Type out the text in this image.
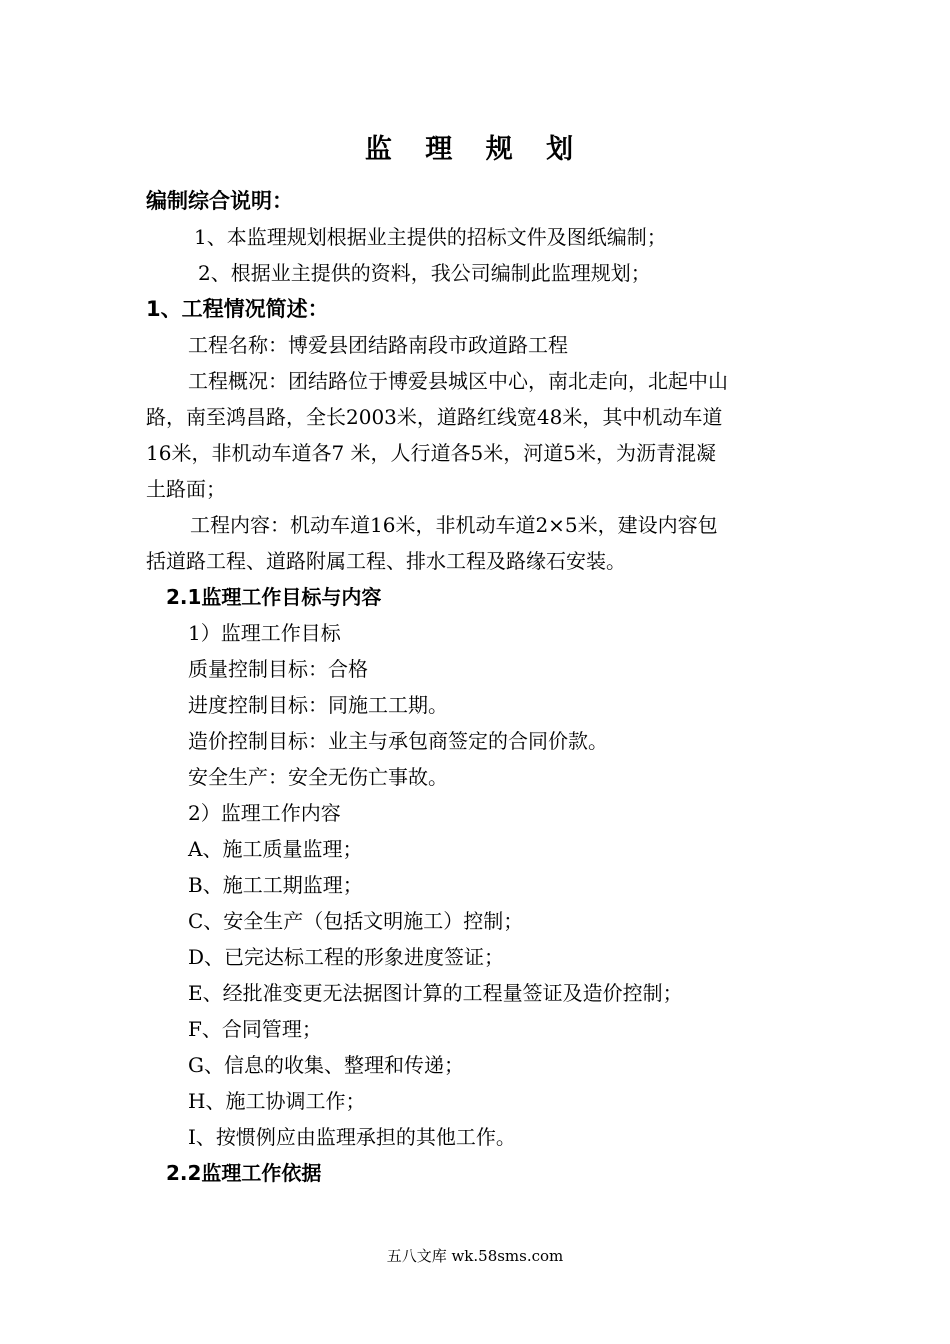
监 理 规 划

编制综合说明：

1、本监理规划根据业主提供的招标文件及图纸编制；

2、根据业主提供的资料，我公司编制此监理规划；

1、工程情况简述：

工程名称：博爱县团结路南段市政道路工程

工程概况：团结路位于博爱县城区中心，南北走向，北起中山

路，南至鸿昌路，全长2003米，道路红线宽48米，其中机动车道

16米，非机动车道各7 米，人行道各5米，河道5米，为沥青混凝

土路面；

工程内容：机动车道16米，非机动车道2×5米，建设内容包

括道路工程、道路附属工程、排水工程及路缘石安装。

2.1监理工作目标与内容

1）监理工作目标

质量控制目标：合格

进度控制目标：同施工工期。

造价控制目标：业主与承包商签定的合同价款。

安全生产：安全无伤亡事故。

2）监理工作内容

A、施工质量监理；

B、施工工期监理；

C、安全生产（包括文明施工）控制；

D、已完达标工程的形象进度签证；

E、经批准变更无法据图计算的工程量签证及造价控制；

F、合同管理；

G、信息的收集、整理和传递；

H、施工协调工作；

I、按惯例应由监理承担的其他工作。

2.2监理工作依据

五八文库 wk.58sms.com
